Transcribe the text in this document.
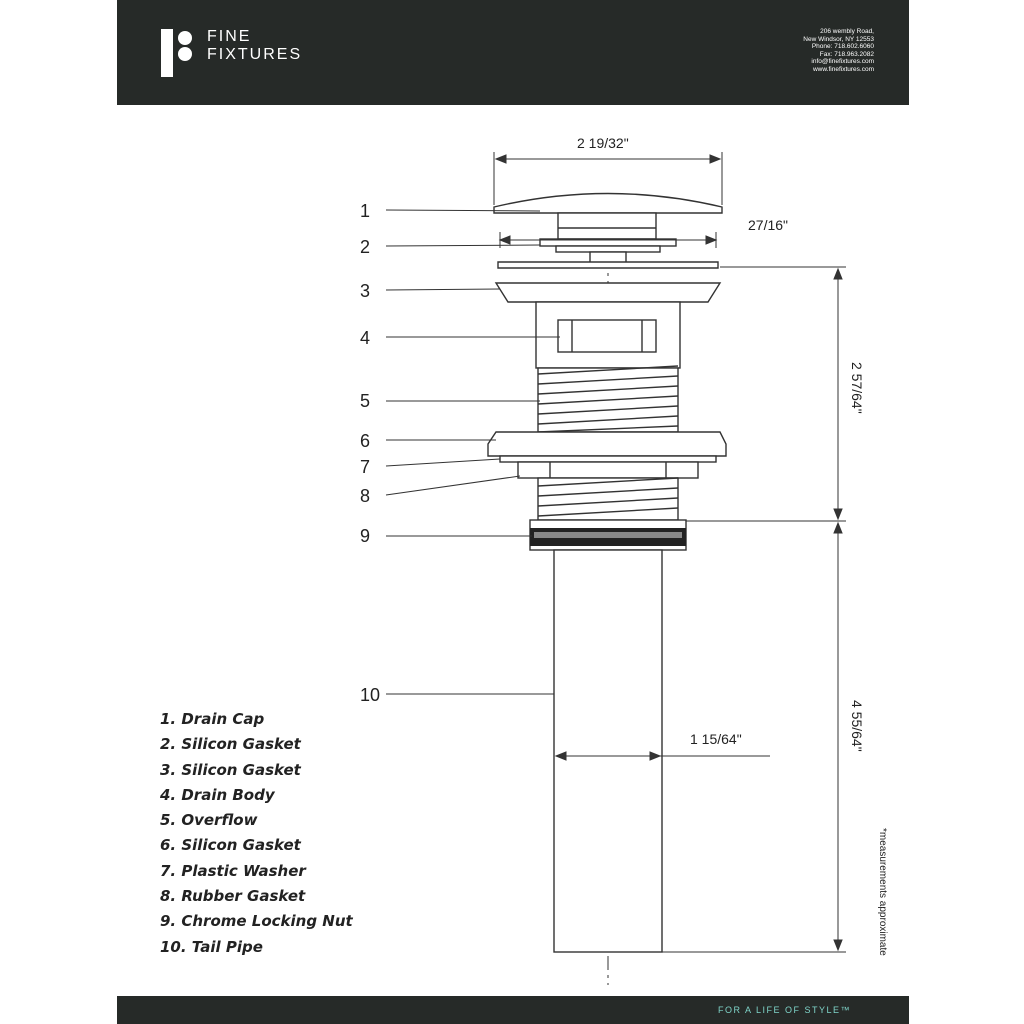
FINE
FIXTURES
206 wembly Road,
New Windsor, NY 12553
Phone: 718.602.6060
Fax: 718.963.2082
info@finefixtures.com
www.finefixtures.com
1
2
3
4
5
6
7
8
9
10
2 19/32"
27/16"
1 15/64"
2 57/64"
4 55/64"
*measurements approximate
1. Drain Cap
2. Silicon Gasket
3. Silicon Gasket
4. Drain Body
5. Overflow
6. Silicon Gasket
7. Plastic Washer
8. Rubber Gasket
9. Chrome Locking Nut
10. Tail Pipe
FOR A LIFE OF STYLE™
